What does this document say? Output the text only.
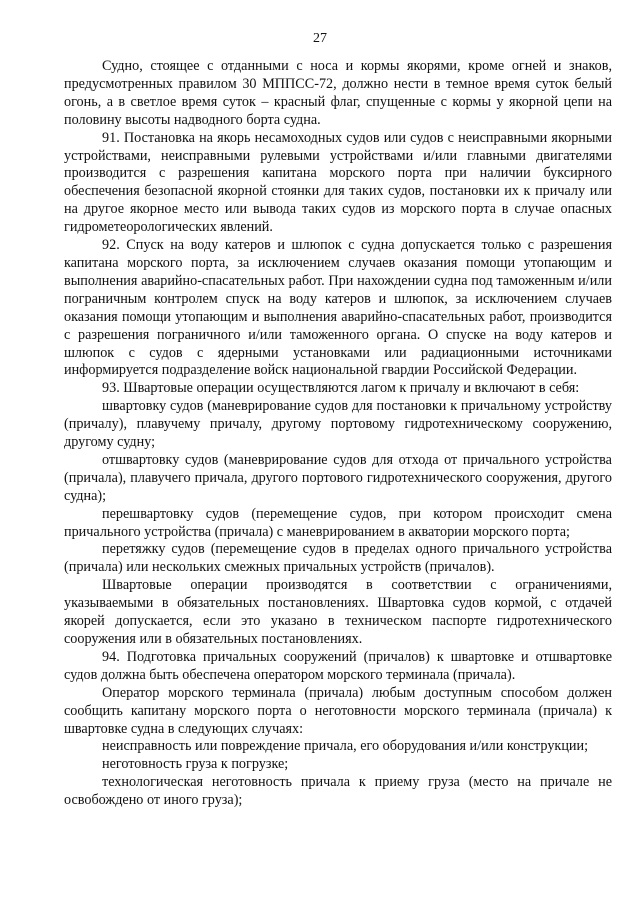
27

Судно, стоящее с отданными с носа и кормы якорями, кроме огней и знаков, предусмотренных правилом 30 МППСС-72, должно нести в темное время суток белый огонь, а в светлое время суток – красный флаг, спущенные с кормы у якорной цепи на половину высоты надводного борта судна.

91. Постановка на якорь несамоходных судов или судов с неисправными якорными устройствами, неисправными рулевыми устройствами и/или главными двигателями производится с разрешения капитана морского порта при наличии буксирного обеспечения безопасной якорной стоянки для таких судов, постановки их к причалу или на другое якорное место или вывода таких судов из морского порта в случае опасных гидрометеорологических явлений.

92. Спуск на воду катеров и шлюпок с судна допускается только с разрешения капитана морского порта, за исключением случаев оказания помощи утопающим и выполнения аварийно-спасательных работ. При нахождении судна под таможенным и/или пограничным контролем спуск на воду катеров и шлюпок, за исключением случаев оказания помощи утопающим и выполнения аварийно-спасательных работ, производится с разрешения пограничного и/или таможенного органа. О спуске на воду катеров и шлюпок с судов с ядерными установками или радиационными источниками информируется подразделение войск национальной гвардии Российской Федерации.

93. Швартовые операции осуществляются лагом к причалу и включают в себя:

швартовку судов (маневрирование судов для постановки к причальному устройству (причалу), плавучему причалу, другому портовому гидротехническому сооружению, другому судну;

отшвартовку судов (маневрирование судов для отхода от причального устройства (причала), плавучего причала, другого портового гидротехнического сооружения, другого судна);

перешвартовку судов (перемещение судов, при котором происходит смена причального устройства (причала) с маневрированием в акватории морского порта;

перетяжку судов (перемещение судов в пределах одного причального устройства (причала) или нескольких смежных причальных устройств (причалов).

Швартовые операции производятся в соответствии с ограничениями, указываемыми в обязательных постановлениях. Швартовка судов кормой, с отдачей якорей допускается, если это указано в техническом паспорте гидротехнического сооружения или в обязательных постановлениях.

94. Подготовка причальных сооружений (причалов) к швартовке и отшвартовке судов должна быть обеспечена оператором морского терминала (причала).

Оператор морского терминала (причала) любым доступным способом должен сообщить капитану морского порта о неготовности морского терминала (причала) к швартовке судна в следующих случаях:

неисправность или повреждение причала, его оборудования и/или конструкции;

неготовность груза к погрузке;

технологическая неготовность причала к приему груза (место на причале не освобождено от иного груза);
